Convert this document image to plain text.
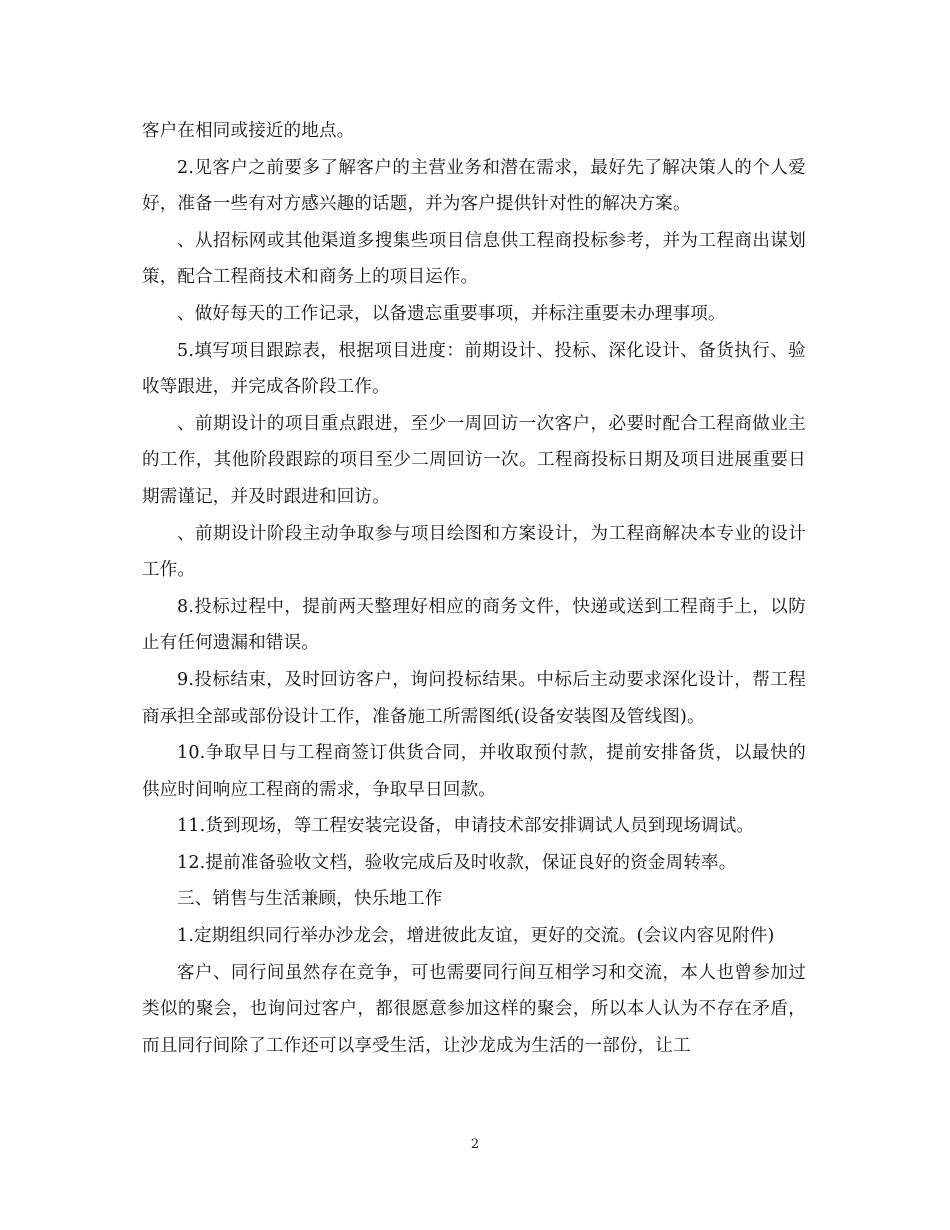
客户在相同或接近的地点。

2.见客户之前要多了解客户的主营业务和潜在需求，最好先了解决策人的个人爱好，准备一些有对方感兴趣的话题，并为客户提供针对性的解决方案。

、从招标网或其他渠道多搜集些项目信息供工程商投标参考，并为工程商出谋划策，配合工程商技术和商务上的项目运作。

、做好每天的工作记录，以备遗忘重要事项，并标注重要未办理事项。

5.填写项目跟踪表，根据项目进度：前期设计、投标、深化设计、备货执行、验收等跟进，并完成各阶段工作。

、前期设计的项目重点跟进，至少一周回访一次客户，必要时配合工程商做业主的工作，其他阶段跟踪的项目至少二周回访一次。工程商投标日期及项目进展重要日期需谨记，并及时跟进和回访。

、前期设计阶段主动争取参与项目绘图和方案设计，为工程商解决本专业的设计工作。

8.投标过程中，提前两天整理好相应的商务文件，快递或送到工程商手上，以防止有任何遗漏和错误。

9.投标结束，及时回访客户，询问投标结果。中标后主动要求深化设计，帮工程商承担全部或部份设计工作，准备施工所需图纸(设备安装图及管线图)。

10.争取早日与工程商签订供货合同，并收取预付款，提前安排备货，以最快的供应时间响应工程商的需求，争取早日回款。

11.货到现场，等工程安装完设备，申请技术部安排调试人员到现场调试。

12.提前准备验收文档，验收完成后及时收款，保证良好的资金周转率。

三、销售与生活兼顾，快乐地工作

1.定期组织同行举办沙龙会，增进彼此友谊，更好的交流。(会议内容见附件)

客户、同行间虽然存在竞争，可也需要同行间互相学习和交流，本人也曾参加过类似的聚会，也询问过客户，都很愿意参加这样的聚会，所以本人认为不存在矛盾，而且同行间除了工作还可以享受生活，让沙龙成为生活的一部份，让工

2
